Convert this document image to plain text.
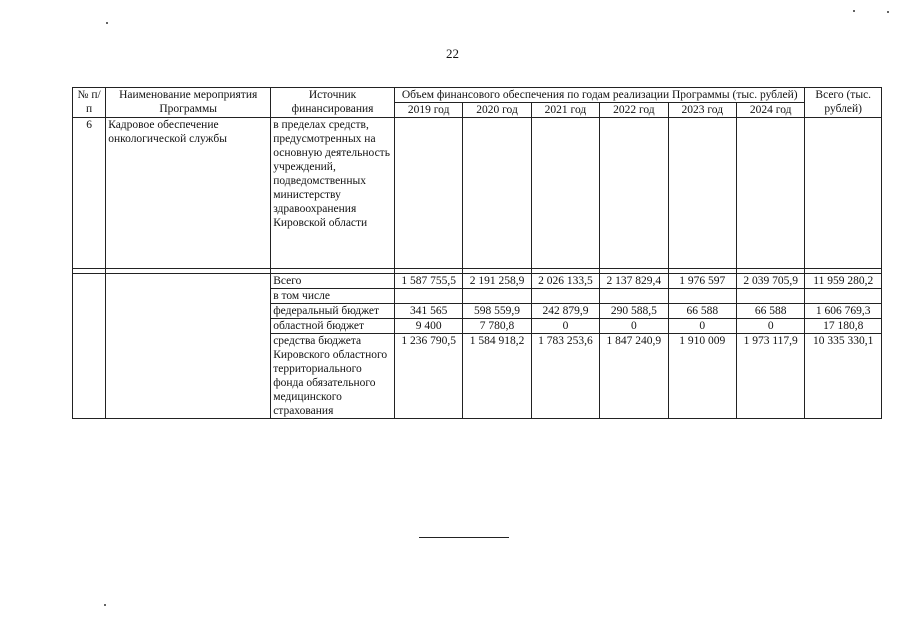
22
№ п/п	Наименование мероприятия Программы	Источник финансирования	Объем финансового обеспечения по годам реализации Программы (тыс. рублей)						Всего (тыс. рублей)
			2019 год	2020 год	2021 год	2022 год	2023 год	2024 год	
6	Кадровое обеспечение онкологической службы	в пределах средств, предусмотренных на основную деятельность учреждений, подведомственных министерству здравоохранения Кировской области							

		Всего	1 587 755,5	2 191 258,9	2 026 133,5	2 137 829,4	1 976 597	2 039 705,9	11 959 280,2
		в том числе							
		федеральный бюджет	341 565	598 559,9	242 879,9	290 588,5	66 588	66 588	1 606 769,3
		областной бюджет	9 400	7 780,8	0	0	0	0	17 180,8
		средства бюджета Кировского областного территориального фонда обязательного медицинского страхования	1 236 790,5	1 584 918,2	1 783 253,6	1 847 240,9	1 910 009	1 973 117,9	10 335 330,1
